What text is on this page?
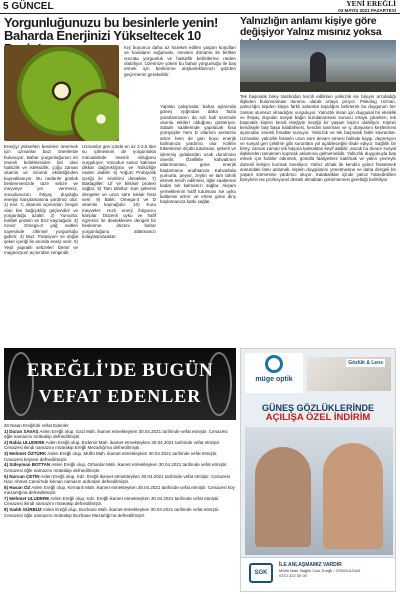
5 GÜNCEL	YENİ EREĞLİ
03 MAYIS 2021 PAZARTESİ
Yorgunluğunuzu bu besinlerle yenin! Baharda Enerjinizi Yükseltecek 10
Kış boyunca daha az hareket edilen yaşam koşulları ve havaların soğuması, mevsim dönümü ile birlikte vücutta yorgunluk ve halsizlik belirtilerine neden olabiliyor. Üzerinize çöken bu bahar yorgunluğu ile baş etmek için beslenme alışkanlıklarınızı gözden geçirmeniz gerekebilir.
Enerjiyi yükselten besinleri önermek için uzmanlar bazı önerilerde bulunuyor. Bahar yorgunluğunun en önemli belirtilerinden biri olan halsizlik ve isteksizlik, çoğu zaman vitamin ve mineral eksikliğinden kaynaklanıyor. Bu nedenle günlük beslenmenizde taze sebze ve meyveye yer vermeniz, vücudunuzun ihtiyaç duyduğu enerjiyi karşılamasına yardımcı olur. 1) Kivi: C vitamini açısından zengin olan kivi bağışıklığı güçlendirir ve yorgunluğu azaltır. 2) Yumurta: Kaliteli protein ve B12 kaynağıdır. 3) Ceviz: Omega-3 yağ asitleri sayesinde zihinsel yorgunluğu giderir. 4) Muz: Potasyum ve doğal şeker içeriği ile anında enerji verir. 5) Yeşil yapraklı sebzeler: Demir ve magnezyum açısından zengindir.
Uzmanlar gün içinde en az 2-2,5 litre su içilmesinin de yorgunlukla mücadelede önemli olduğunu vurguluyor. Vücudun susuz kalması dikkat dağınıklığına ve halsizliğe neden olabilir. 6) Yoğurt: Probiyotik içeriği ile sindirimi destekler. 7) Baklagiller: Lif ve bitkisel protein sağlar. 8) Tam tahıllar: Kan şekerini dengeler ve uzun süre tokluk hissi verir. 9) Balık: Omega-3 ve D vitamini kaynağıdır. 10) Kuru meyveler: Hızlı enerji ihtiyacını karşılar. Düzenli uyku ve hafif egzersiz ile desteklenen dengeli bir beslenme düzeni bahar yorgunluğunu atlatmanızı kolaylaştıracaktır.
Yapılan çalışmalar, bahar aylarında güneş ışığından daha fazla yararlanmanın da ruh hali üzerinde olumlu etkileri olduğunu gösteriyor. Sabah saatlerinde yapılacak kısa yürüyüşler hem D vitamini sentezini artırır hem de gün boyu enerjik kalmanıza yardımcı olur. Kafein tüketiminin ölçülü tutulması, şekerli ve işlenmiş gıdalardan uzak durulması önerilir. Özellikle kahvaltının atlanmaması, güne enerjik başlamanın anahtarıdır. Kahvaltıda yumurta, peynir, zeytin ve tam tahıllı ekmek tercih edilmesi, öğle saatlerine kadar tok kalmanızı sağlar. Akşam yemeklerinin hafif tutulması ise uyku kalitesini artırır ve ertesi güne dinç başlamanıza katkı sağlar.
Yalnızlığın anlamı kişiye göre değişiyor Yalnız mısınız yoksa
Tek başınalık birey tarafından tercih edilirken yalnızlık ise bireyin arzuladığı ilişkiden bulunmaması durumu olarak ortaya çıkıyor. Psikolog Uzman, yalnızlığın kişiden kişiye farklı anlamlar taşıdığını belirterek bu duygunun her zaman olumsuz olmadığını vurguluyor. Yalnızlık insan için duygusal bir eksiklik ve ihtiyaç duyulan sosyal bağın kurulamaması sonucu ortaya çıkarken, tek başınalık kişinin kendi isteğiyle seçtiği bir yaşam biçimi olabiliyor. Kişinin kendisiyle baş başa kalabilmesi, kendini tanıması ve iç dünyasını keşfetmesi açısından önemli fırsatlar sunuyor. Yalnızlık ve tek başınalık farklı kavramlar. Uzmanlar, yalnızlık hissinin uzun süre devam etmesi halinde kaygı, depresyon ve sosyal geri çekilme gibi sorunlara yol açabileceğini ifade ediyor. Sağlıklı bir birey, zaman zaman tek başına kalmaktan keyif alabilir, ancak bu durum sosyal ilişkilerden tamamen kopmak anlamına gelmemelidir. Yalnızlık duygusuyla baş etmek için hobiler edinmek, gönüllü faaliyetlere katılmak ve yakın çevreyle düzenli iletişim kurmak öneriliyor. Yalnız olmak ile kendini yalnız hissetmek arasındaki farkı anlamak, kişinin duygularını yönetmesine ve daha dengeli bir yaşam sürmesine yardımcı oluyor. Kalabalıklar içinde yalnız hissedebilen bireylerin ise profesyonel destek almaktan çekinmemesi gerektiği belirtiliyor.
EREĞLİ'DE BUGÜN
VEFAT EDENLER

30 Nisan Ereğli'de Vefat Edenler

1) Duran SAVAŞ Aslen Ereğli olup, Gazi Mah. ikamet etmekteyken 30.04.2021 tarihinde vefat etmiştir. Cenazesi öğle namazını müteakip defnedilmiştir.

2) Rabia ULUDERE Aslen Ereğli olup, Erdemir Mah. ikamet etmekteyken 30.04.2021 tarihinde vefat etmiştir. Cenazesi ikindi namazını müteakip Ereğli Mezarlığı'na defnedilmiştir.

3) Mehmet ÖZTÜRK Aslen Ereğli olup, Müftü Mah. ikamet etmekteyken 30.04.2021 tarihinde vefat etmiştir. Cenazesi köyüne defnedilmiştir.

4) Süleyman BOTTAN Aslen Ereğli olup, Orhanlar Mah. ikamet etmekteyken 30.04.2021 tarihinde vefat etmiştir. Cenazesi öğle namazını müteakip defnedilmiştir.

5) Nurcan ÇETİN Aslen Ereğli olup, Kdz. Ereğli ikamet etmekteyken 30.04.2021 tarihinde vefat etmiştir. Cenazesi Hacı Ahmet Camii'nde kılınan namazın ardından defnedilmiştir.

6) Hasan ÖZ Aslen Ereğli olup, Kirmanlı Mah. ikamet etmekteyken 30.04.2021 tarihinde vefat etmiştir. Cenazesi köy mezarlığına defnedilmiştir.

7) Mehmet ULUDERE Aslen Ereğli olup, Kdz. Ereğli ikamet etmekteyken 30.04.2021 tarihinde vefat etmiştir. Cenazesi ikindi namazını müteakip defnedilmiştir.

8) Sadık GÜRBÜZ Aslen Ereğli olup, Bozhane Mah. ikamet etmekteyken 30.04.2021 tarihinde vefat etmiştir. Cenazesi öğle namazını müteakip Bozhane Mezarlığı'na defnedilmiştir.

müge optik
Gözlük & Lens
GÜNEŞ GÖZLÜKLERİNDE
AÇILIŞA ÖZEL İNDİRİM
SGK
İLE ANLAŞMAMIZ VARDIR
Müftü Mah. Bağlık Cad. Ereğli / ZONGULDAK
0372 322 00 00
